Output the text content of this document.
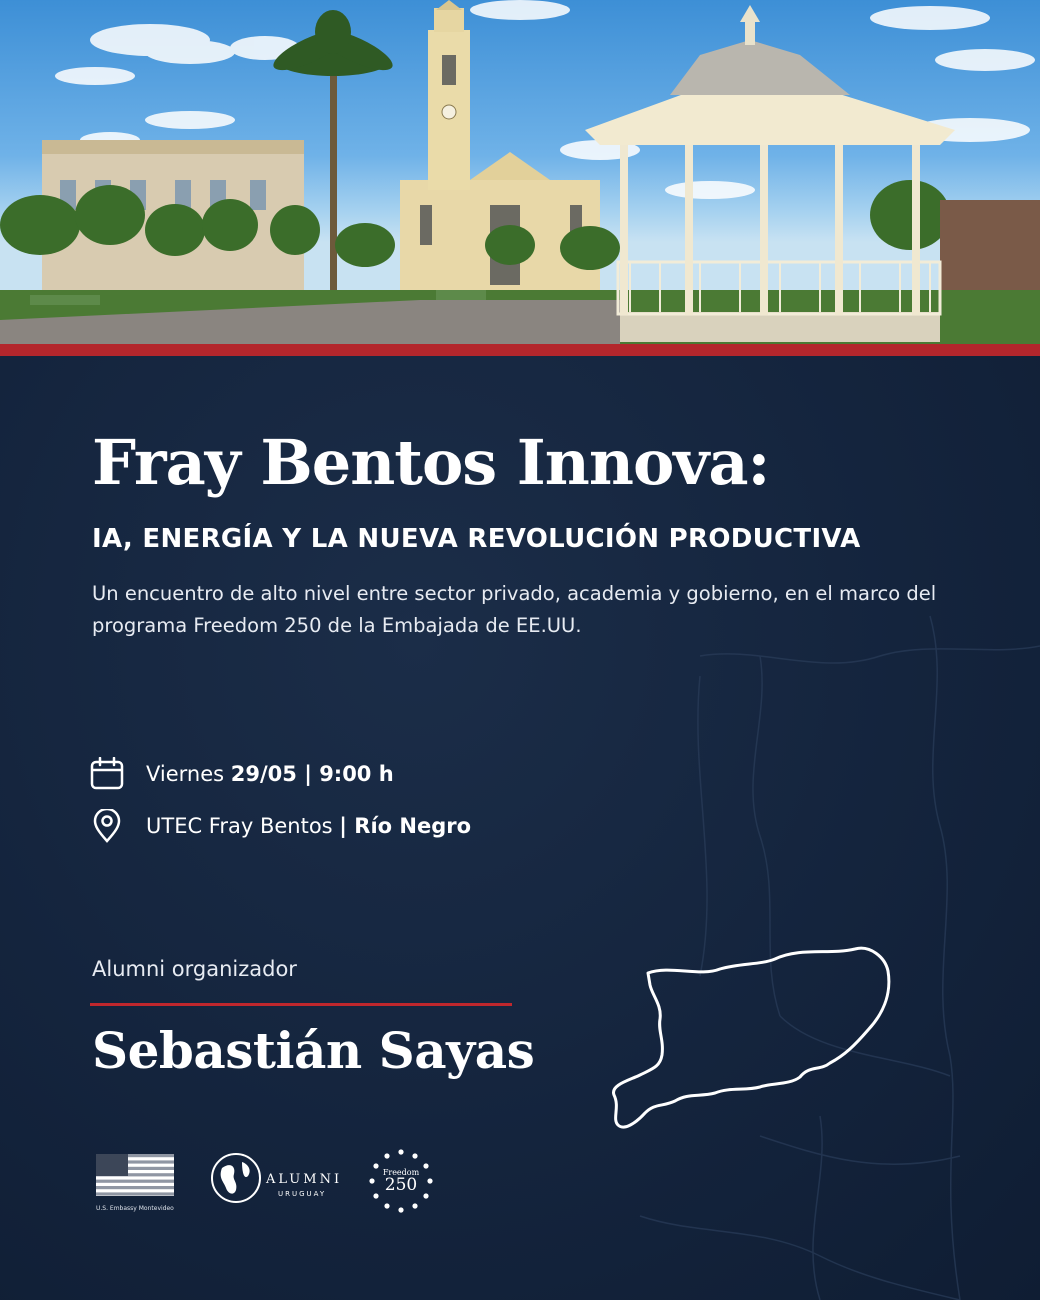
Fray Bentos Innova:
IA, ENERGÍA Y LA NUEVA REVOLUCIÓN PRODUCTIVA
Un encuentro de alto nivel entre sector privado, academia y gobierno, en el marco del programa Freedom 250 de la Embajada de EE.UU.
Viernes 29/05 | 9:00 h
UTEC Fray Bentos | Río Negro
Alumni organizador
Sebastián Sayas
U.S. Embassy Montevideo
ALUMNI
URUGUAY
Freedom
250
